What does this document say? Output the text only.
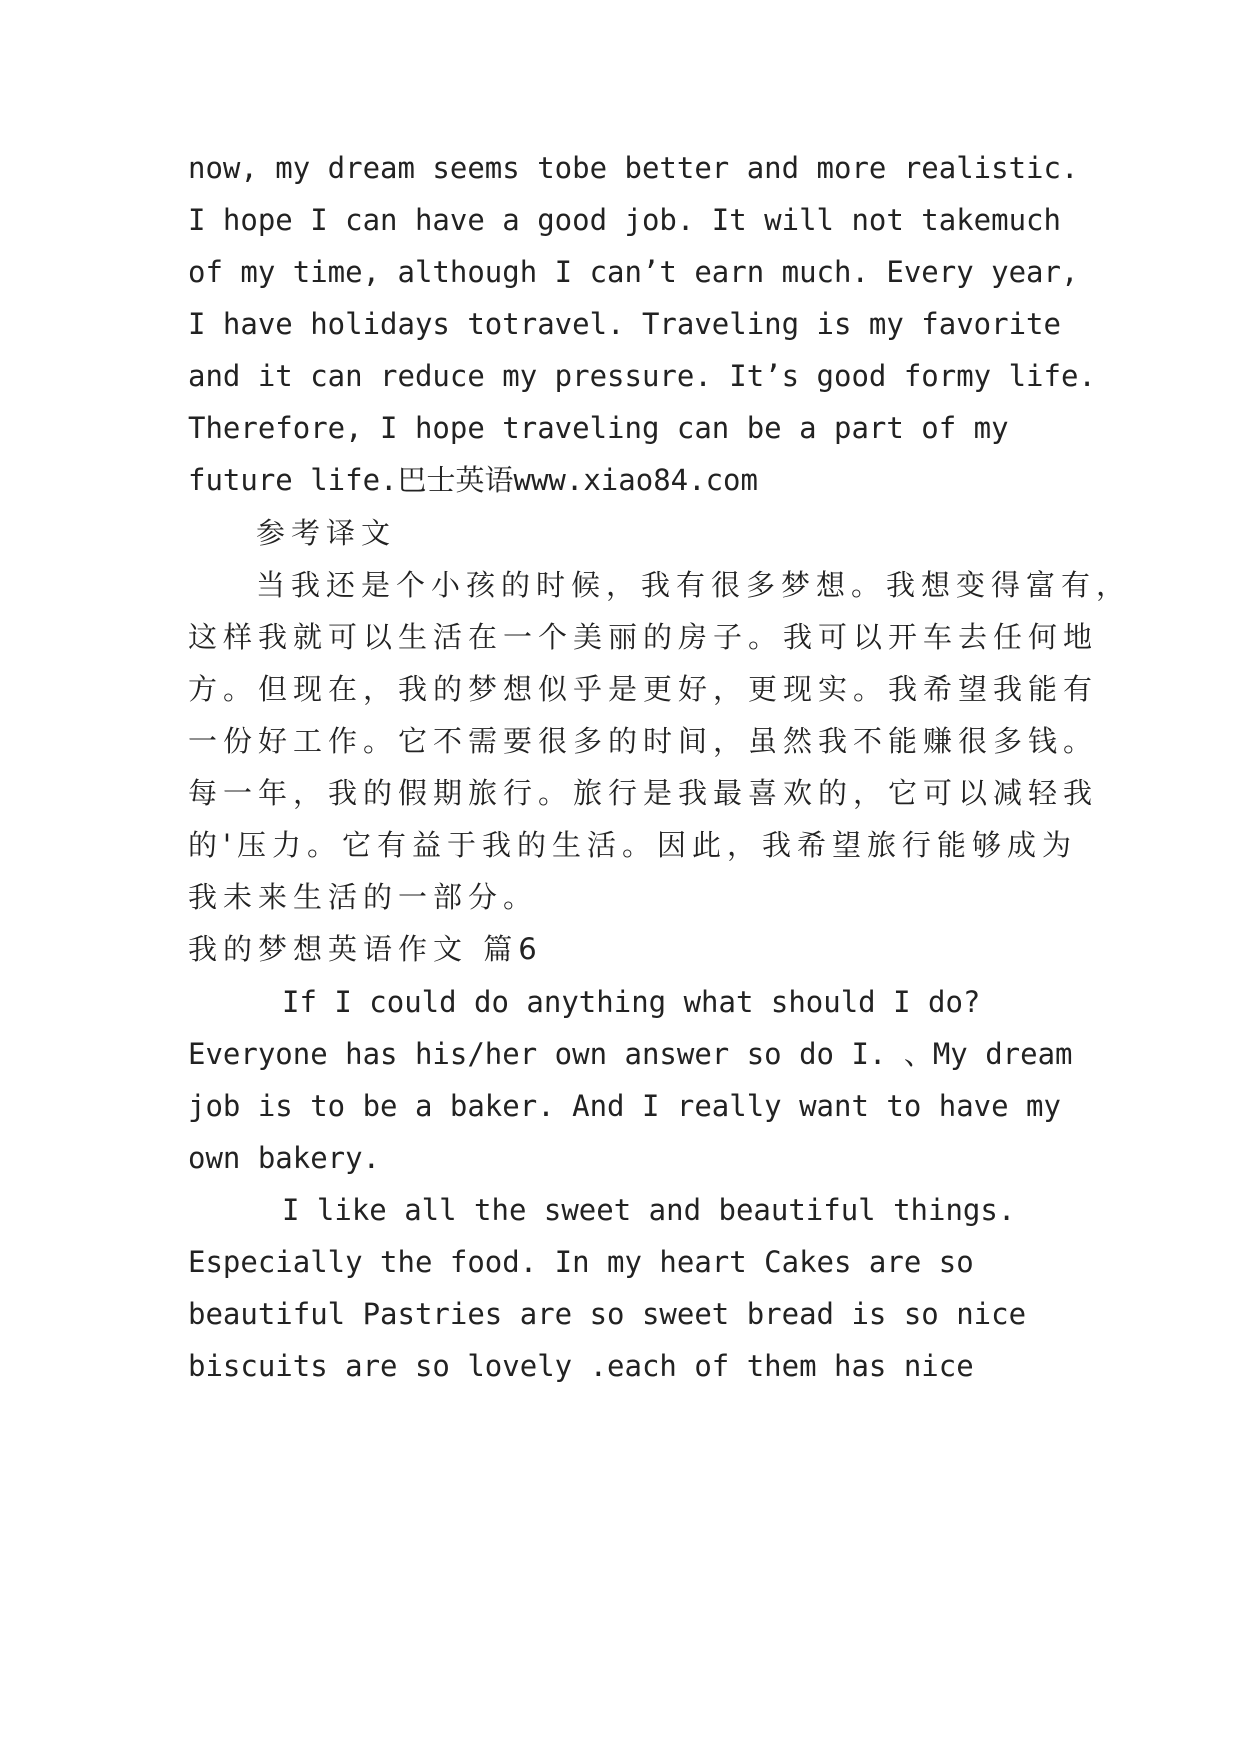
now, my dream seems tobe better and more realistic.
I hope I can have a good job. It will not takemuch
of my time, although I can’t earn much. Every year,
I have holidays totravel. Traveling is my favorite
and it can reduce my pressure. It’s good formy life.
Therefore, I hope traveling can be a part of my
future life.巴士英语www.xiao84.com
参考译文
当我还是个小孩的时候，我有很多梦想。我想变得富有，
这样我就可以生活在一个美丽的房子。我可以开车去任何地
方。但现在，我的梦想似乎是更好，更现实。我希望我能有
一份好工作。它不需要很多的时间，虽然我不能赚很多钱。
每一年，我的假期旅行。旅行是我最喜欢的，它可以减轻我
的'压力。它有益于我的生活。因此，我希望旅行能够成为
我未来生活的一部分。
我的梦想英语作文 篇6
If I could do anything what should I do?
Everyone has his/her own answer so do I. 、My dream
job is to be a baker. And I really want to have my
own bakery.
I like all the sweet and beautiful things.
Especially the food. In my heart Cakes are so
beautiful Pastries are so sweet bread is so nice
biscuits are so lovely .each of them has nice
